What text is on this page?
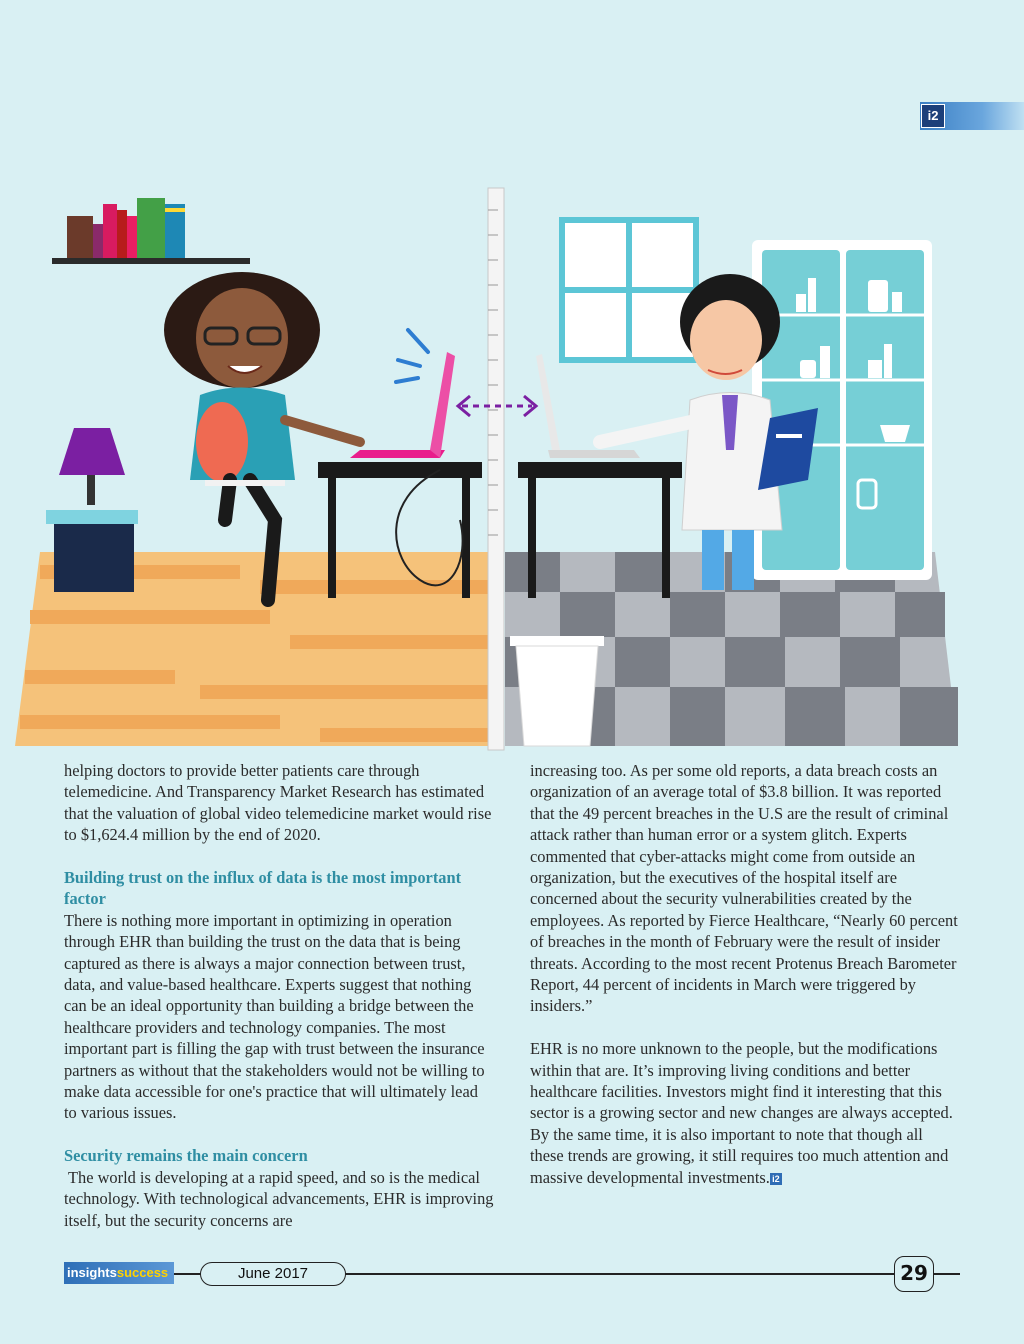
i2

helping doctors to provide better patients care through telemedicine. And Transparency Market Research has estimated that the valuation of global video telemedicine market would rise to $1,624.4 million by the end of 2020.

Building trust on the influx of data is the most important factor

There is nothing more important in optimizing in operation through EHR than building the trust on the data that is being captured as there is always a major connection between trust, data, and value-based healthcare. Experts suggest that nothing can be an ideal opportunity than building a bridge between the healthcare providers and technology companies. The most important part is filling the gap with trust between the insurance partners as without that the stakeholders would not be willing to make data accessible for one's practice that will ultimately lead to various issues.

Security remains the main concern

The world is developing at a rapid speed, and so is the medical technology. With technological advancements, EHR is improving itself, but the security concerns are

increasing too. As per some old reports, a data breach costs an organization of an average total of $3.8 billion. It was reported that the 49 percent breaches in the U.S are the result of criminal attack rather than human error or a system glitch. Experts commented that cyber-attacks might come from outside an organization, but the executives of the hospital itself are concerned about the security vulnerabilities created by the employees. As reported by Fierce Healthcare, “Nearly 60 percent of breaches in the month of February were the result of insider threats. According to the most recent Protenus Breach Barometer Report, 44 percent of incidents in March were triggered by insiders.”

EHR is no more unknown to the people, but the modifications within that are. It’s improving living conditions and better healthcare facilities. Investors might find it interesting that this sector is a growing sector and new changes are always accepted. By the same time, it is also important to note that though all these trends are growing, it still requires too much attention and massive developmental investments. i2

insightssuccess	June 2017	29
